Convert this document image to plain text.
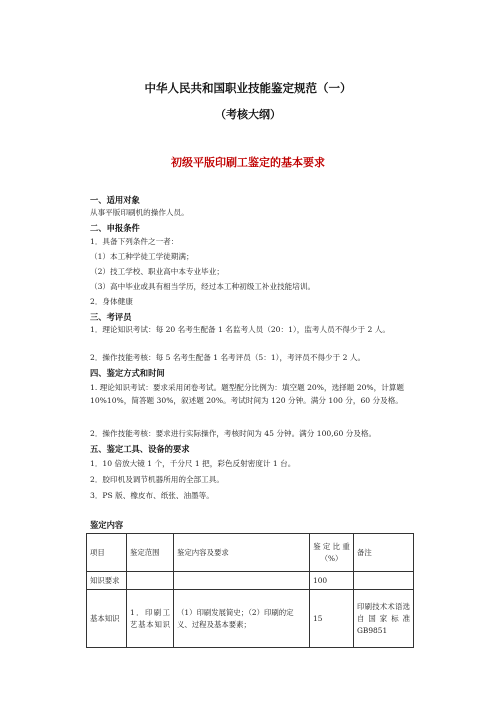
中华人民共和国职业技能鉴定规范（一）
（考核大纲）
初级平版印刷工鉴定的基本要求
一、适用对象
从事平版印刷机的操作人员。
二、申报条件
1．具备下列条件之一者：
（1）本工种学徒工学徒期满；
（2）技工学校、职业高中本专业毕业；
（3）高中毕业或具有相当学历，经过本工种初级工补业技能培训。
2．身体健康
三、考评员
1．理论知识考试：每 20 名考生配备 1 名监考人员（20：1），监考人员不得少于 2 人。
2．操作技能考核：每 5 名考生配备 1 名考评员（5：1），考评员不得少于 2 人。
四、鉴定方式和时间
1. 理论知识考试：要求采用闭卷考试。题型配分比例为：填空题 20%，选择题 20%，计算题 10%10%，简答题 30%，叙述题 20%。考试时间为 120 分钟。满分 100 分，60 分及格。
2．操作技能考核：要求进行实际操作，考核时间为 45 分钟。满分 100,60 分及格。
五、鉴定工具、设备的要求
1．10 倍放大镜 1 个，千分尺 1 把，彩色反射密度计 1 台。
2．胶印机及调节机器所用的全部工具。
3．PS 版、橡皮布、纸张、油墨等。
鉴定内容
项目	鉴定范围	鉴定内容及要求	鉴 定 比 重（%）	备注
知识要求			100	
基本知识	1．印刷工艺基本知识	（1）印刷发展简史；（2）印刷的定义、过程及基本要素；	15	印刷技术术语选自国家标准 GB9851
